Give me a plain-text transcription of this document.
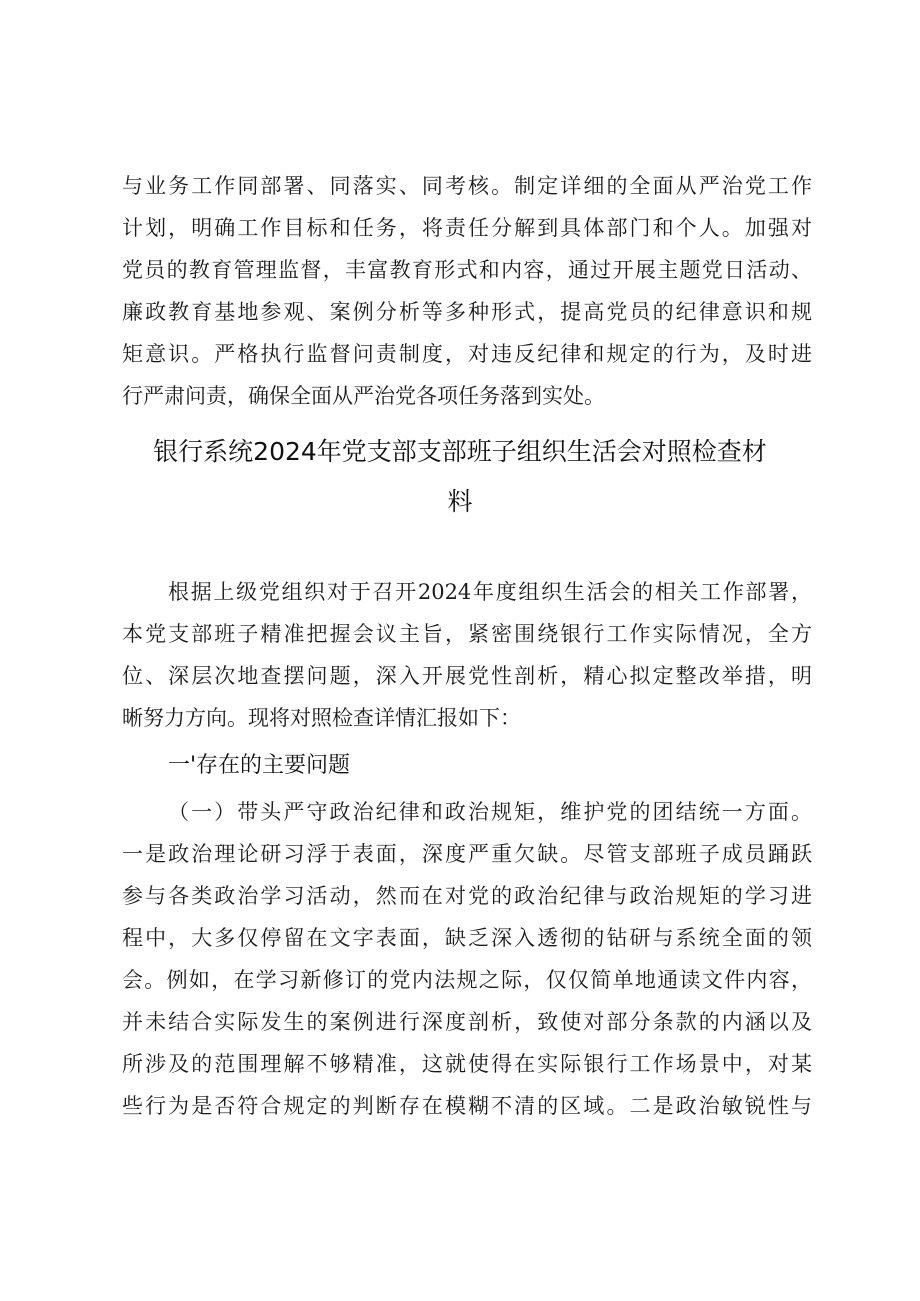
与业务工作同部署、同落实、同考核。制定详细的全面从严治党工作
计划，明确工作目标和任务，将责任分解到具体部门和个人。加强对
党员的教育管理监督，丰富教育形式和内容，通过开展主题党日活动、
廉政教育基地参观、案例分析等多种形式，提高党员的纪律意识和规
矩意识。严格执行监督问责制度，对违反纪律和规定的行为，及时进
行严肃问责，确保全面从严治党各项任务落到实处。
银行系统2024年党支部支部班子组织生活会对照检查材
料
根据上级党组织对于召开2024年度组织生活会的相关工作部署，
本党支部班子精准把握会议主旨，紧密围绕银行工作实际情况，全方
位、深层次地查摆问题，深入开展党性剖析，精心拟定整改举措，明
晰努力方向。现将对照检查详情汇报如下：
一'存在的主要问题
（一）带头严守政治纪律和政治规矩，维护党的团结统一方面。
一是政治理论研习浮于表面，深度严重欠缺。尽管支部班子成员踊跃
参与各类政治学习活动，然而在对党的政治纪律与政治规矩的学习进
程中，大多仅停留在文字表面，缺乏深入透彻的钻研与系统全面的领
会。例如，在学习新修订的党内法规之际，仅仅简单地通读文件内容，
并未结合实际发生的案例进行深度剖析，致使对部分条款的内涵以及
所涉及的范围理解不够精准，这就使得在实际银行工作场景中，对某
些行为是否符合规定的判断存在模糊不清的区域。二是政治敏锐性与
